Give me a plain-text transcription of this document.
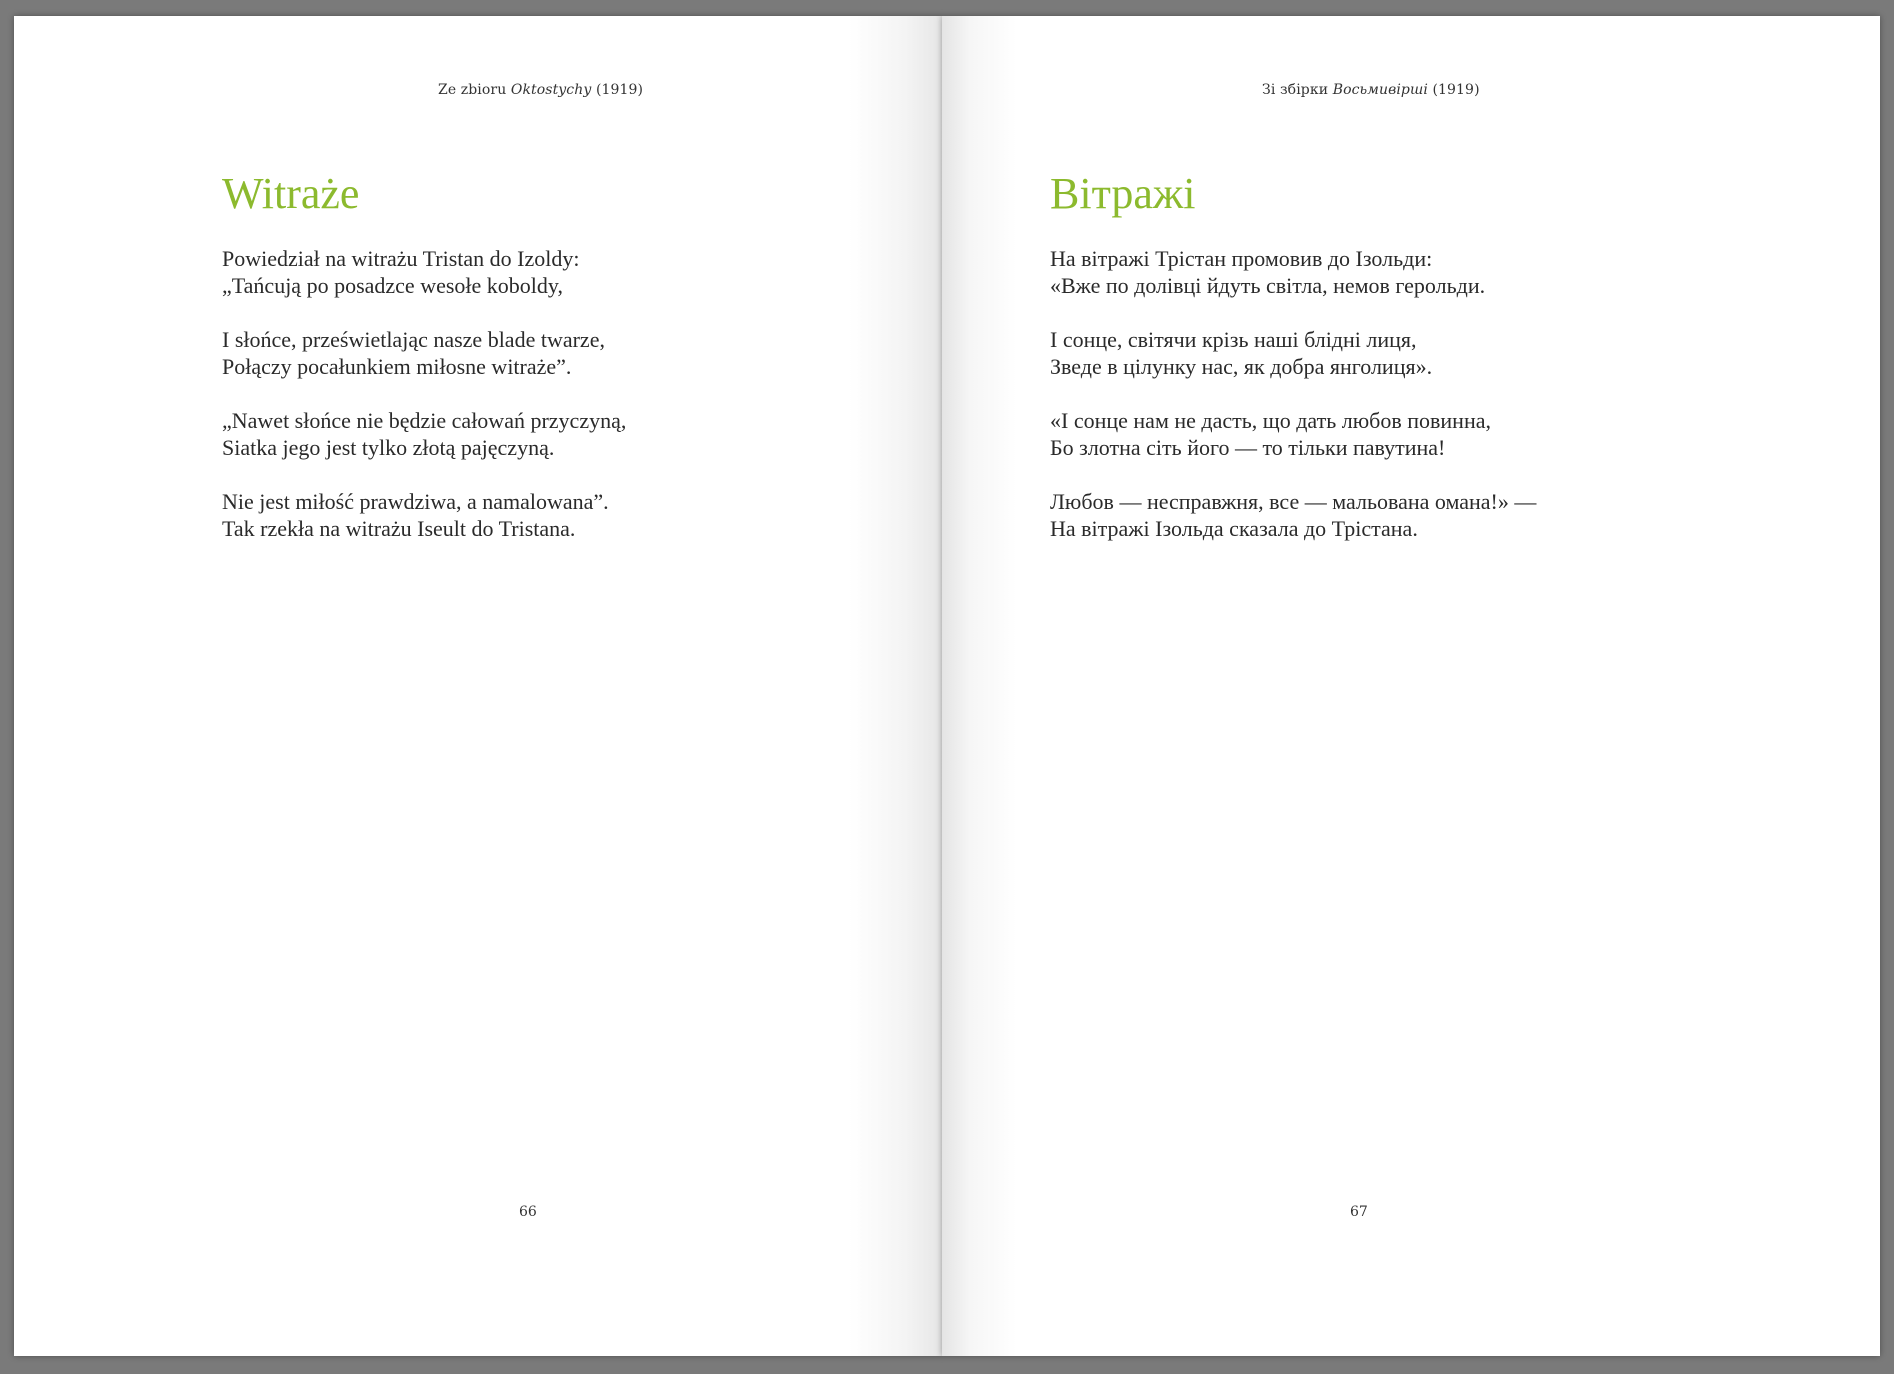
Ze zbioru Oktostychy (1919)
Witraże

Powiedział na witrażu Tristan do Izoldy:
„Tańcują po posadzce wesołe koboldy,

I słońce, prześwietlając nasze blade twarze,
Połączy pocałunkiem miłosne witraże”.

„Nawet słońce nie będzie całowań przyczyną,
Siatka jego jest tylko złotą pajęczyną.

Nie jest miłość prawdziwa, a namalowana”.
Tak rzekła na witrażu Iseult do Tristana.

66
Зі збірки Восьмивірші (1919)
Вітражі

На вітражі Трістан промовив до Ізольди:
«Вже по долівці йдуть світла, немов герольди.

І сонце, світячи крізь наші блідні лиця,
Зведе в цілунку нас, як добра янголиця».

«І сонце нам не дасть, що дать любов повинна,
Бо злотна сіть його — то тільки павутина!

Любов — несправжня, все — мальована омана!» —
На вітражі Ізольда сказала до Трістана.

67
